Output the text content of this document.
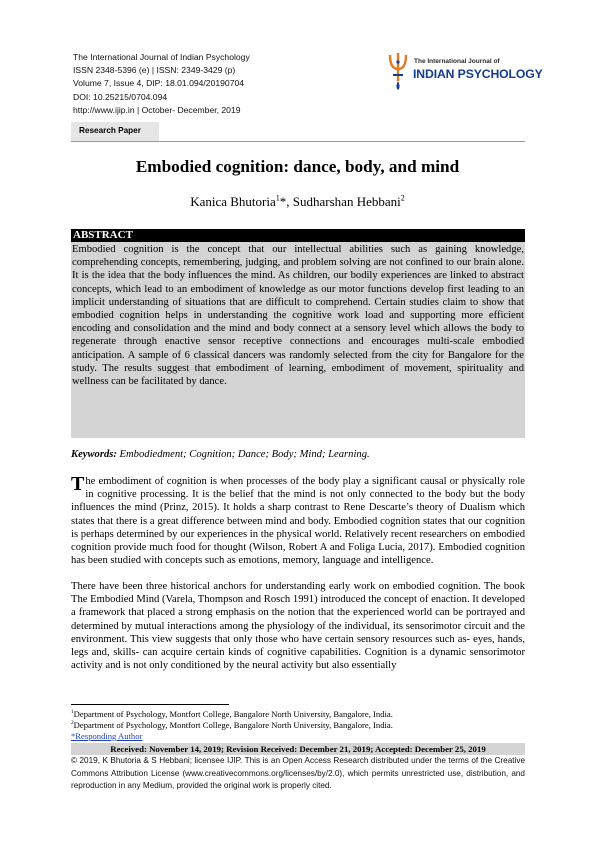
The International Journal of Indian Psychology
ISSN 2348-5396 (e) | ISSN: 2349-3429 (p)
Volume 7, Issue 4, DIP: 18.01.094/20190704
DOI: 10.25215/0704.094
http://www.ijip.in | October- December, 2019
The International Journal of
INDIAN PSYCHOLOGY
Research Paper
Embodied cognition: dance, body, and mind
Kanica Bhutoria$^1$*, Sudharshan Hebbani$^2$
ABSTRACT
Embodied cognition is the concept that our intellectual abilities such as gaining knowledge, comprehending concepts, remembering, judging, and problem solving are not confined to our brain alone. It is the idea that the body influences the mind. As children, our bodily experiences are linked to abstract concepts, which lead to an embodiment of knowledge as our motor functions develop first leading to an implicit understanding of situations that are difficult to comprehend. Certain studies claim to show that embodied cognition helps in understanding the cognitive work load and supporting more efficient encoding and consolidation and the mind and body connect at a sensory level which allows the body to regenerate through enactive sensor receptive connections and encourages multi-scale embodied anticipation. A sample of 6 classical dancers was randomly selected from the city for Bangalore for the study. The results suggest that embodiment of learning, embodiment of movement, spirituality and wellness can be facilitated by dance.
Keywords: Embodiedment; Cognition; Dance; Body; Mind; Learning.
The embodiment of cognition is when processes of the body play a significant causal or physically role in cognitive processing. It is the belief that the mind is not only connected to the body but the body influences the mind (Prinz, 2015). It holds a sharp contrast to Rene Descarte’s theory of Dualism which states that there is a great difference between mind and body. Embodied cognition states that our cognition is perhaps determined by our experiences in the physical world. Relatively recent researchers on embodied cognition provide much food for thought (Wilson, Robert A and Foliga Lucia, 2017). Embodied cognition has been studied with concepts such as emotions, memory, language and intelligence.
There have been three historical anchors for understanding early work on embodied cognition. The book The Embodied Mind (Varela, Thompson and Rosch 1991) introduced the concept of enaction. It developed a framework that placed a strong emphasis on the notion that the experienced world can be portrayed and determined by mutual interactions among the physiology of the individual, its sensorimotor circuit and the environment. This view suggests that only those who have certain sensory resources such as- eyes, hands, legs and, skills- can acquire certain kinds of cognitive capabilities. Cognition is a dynamic sensorimotor activity and is not only conditioned by the neural activity but also essentially
$^1$Department of Psychology, Montfort College, Bangalore North University, Bangalore, India.
$^2$Department of Psychology, Montfort College, Bangalore North University, Bangalore, India.
*Responding Author
Received: November 14, 2019; Revision Received: December 21, 2019; Accepted: December 25, 2019
© 2019, K Bhutoria & S Hebbani; licensee IJIP. This is an Open Access Research distributed under the terms of the Creative Commons Attribution License (www.creativecommons.org/licenses/by/2.0), which permits unrestricted use, distribution, and reproduction in any Medium, provided the original work is properly cited.
